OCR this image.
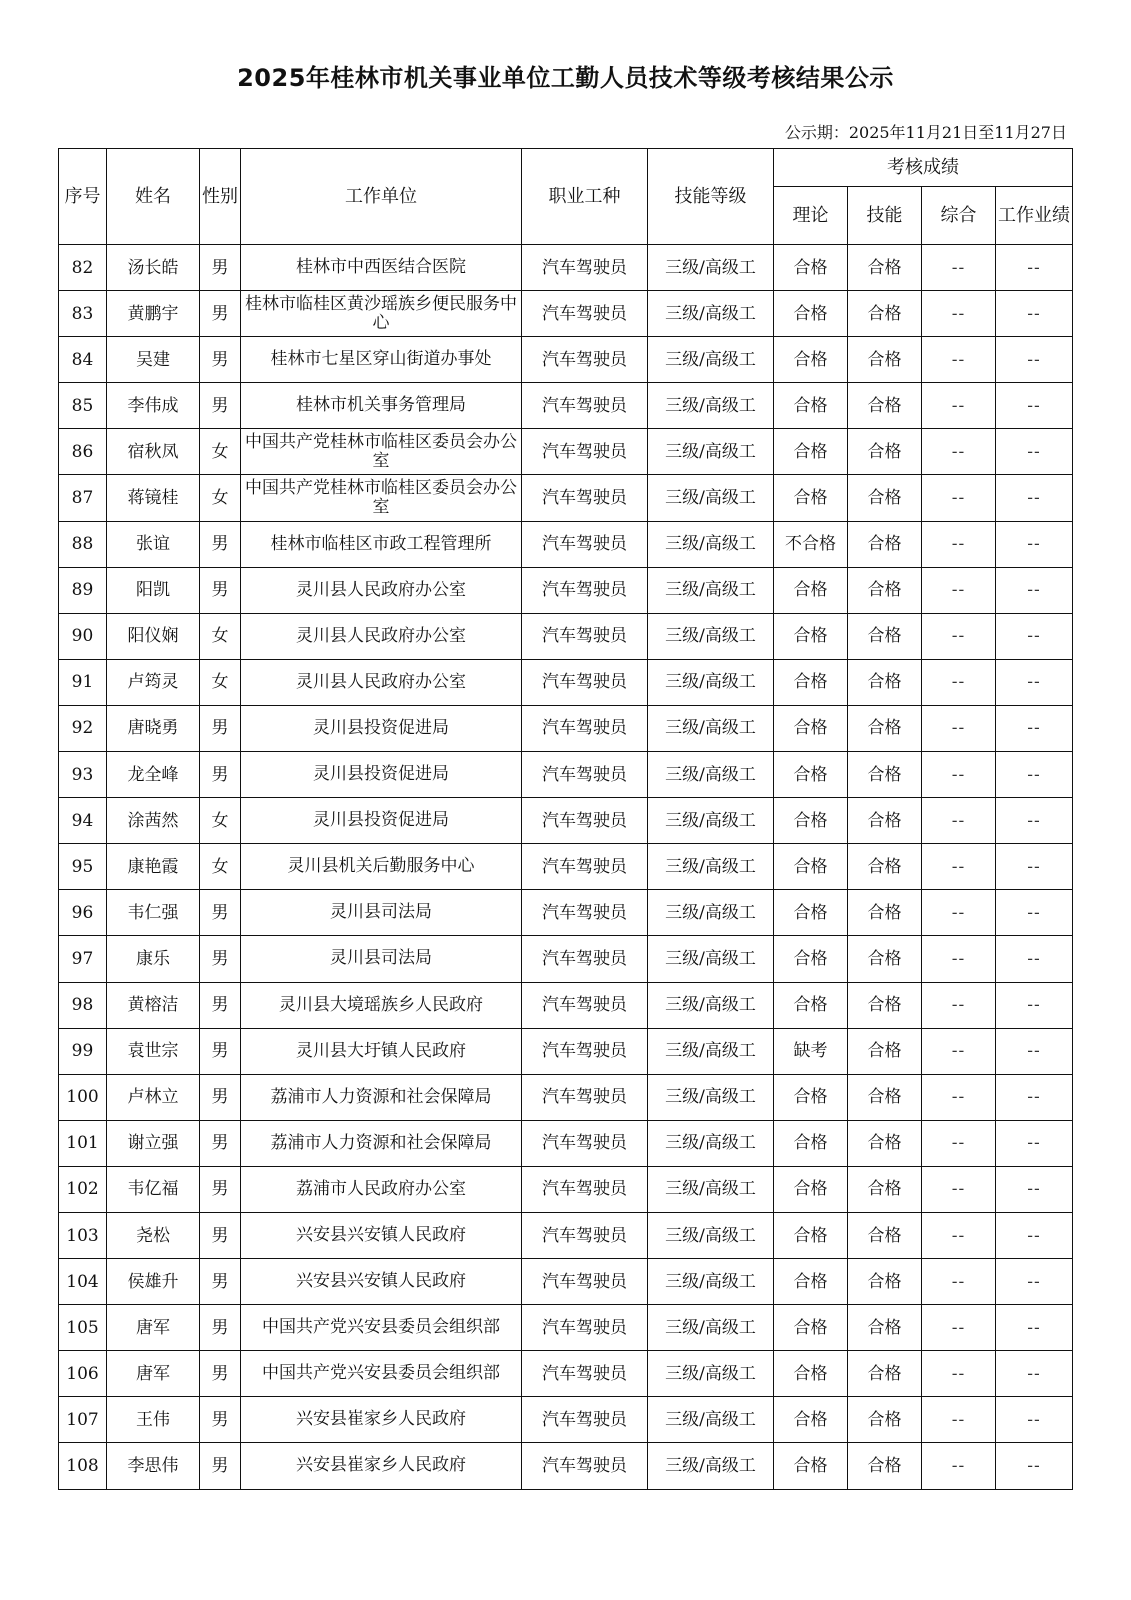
2025年桂林市机关事业单位工勤人员技术等级考核结果公示
公示期：2025年11月21日至11月27日
序号	姓名	性别	工作单位	职业工种	技能等级	考核成绩			
						理论	技能	综合	工作业绩
82	汤长皓	男	桂林市中西医结合医院	汽车驾驶员	三级/高级工	合格	合格	--	--
83	黄鹏宇	男	桂林市临桂区黄沙瑶族乡便民服务中心	汽车驾驶员	三级/高级工	合格	合格	--	--
84	吴建	男	桂林市七星区穿山街道办事处	汽车驾驶员	三级/高级工	合格	合格	--	--
85	李伟成	男	桂林市机关事务管理局	汽车驾驶员	三级/高级工	合格	合格	--	--
86	宿秋凤	女	中国共产党桂林市临桂区委员会办公室	汽车驾驶员	三级/高级工	合格	合格	--	--
87	蒋镜桂	女	中国共产党桂林市临桂区委员会办公室	汽车驾驶员	三级/高级工	合格	合格	--	--
88	张谊	男	桂林市临桂区市政工程管理所	汽车驾驶员	三级/高级工	不合格	合格	--	--
89	阳凯	男	灵川县人民政府办公室	汽车驾驶员	三级/高级工	合格	合格	--	--
90	阳仪娴	女	灵川县人民政府办公室	汽车驾驶员	三级/高级工	合格	合格	--	--
91	卢筠灵	女	灵川县人民政府办公室	汽车驾驶员	三级/高级工	合格	合格	--	--
92	唐晓勇	男	灵川县投资促进局	汽车驾驶员	三级/高级工	合格	合格	--	--
93	龙全峰	男	灵川县投资促进局	汽车驾驶员	三级/高级工	合格	合格	--	--
94	涂茜然	女	灵川县投资促进局	汽车驾驶员	三级/高级工	合格	合格	--	--
95	康艳霞	女	灵川县机关后勤服务中心	汽车驾驶员	三级/高级工	合格	合格	--	--
96	韦仁强	男	灵川县司法局	汽车驾驶员	三级/高级工	合格	合格	--	--
97	康乐	男	灵川县司法局	汽车驾驶员	三级/高级工	合格	合格	--	--
98	黄榕洁	男	灵川县大境瑶族乡人民政府	汽车驾驶员	三级/高级工	合格	合格	--	--
99	袁世宗	男	灵川县大圩镇人民政府	汽车驾驶员	三级/高级工	缺考	合格	--	--
100	卢林立	男	荔浦市人力资源和社会保障局	汽车驾驶员	三级/高级工	合格	合格	--	--
101	谢立强	男	荔浦市人力资源和社会保障局	汽车驾驶员	三级/高级工	合格	合格	--	--
102	韦亿福	男	荔浦市人民政府办公室	汽车驾驶员	三级/高级工	合格	合格	--	--
103	尧松	男	兴安县兴安镇人民政府	汽车驾驶员	三级/高级工	合格	合格	--	--
104	侯雄升	男	兴安县兴安镇人民政府	汽车驾驶员	三级/高级工	合格	合格	--	--
105	唐军	男	中国共产党兴安县委员会组织部	汽车驾驶员	三级/高级工	合格	合格	--	--
106	唐军	男	中国共产党兴安县委员会组织部	汽车驾驶员	三级/高级工	合格	合格	--	--
107	王伟	男	兴安县崔家乡人民政府	汽车驾驶员	三级/高级工	合格	合格	--	--
108	李思伟	男	兴安县崔家乡人民政府	汽车驾驶员	三级/高级工	合格	合格	--	--
